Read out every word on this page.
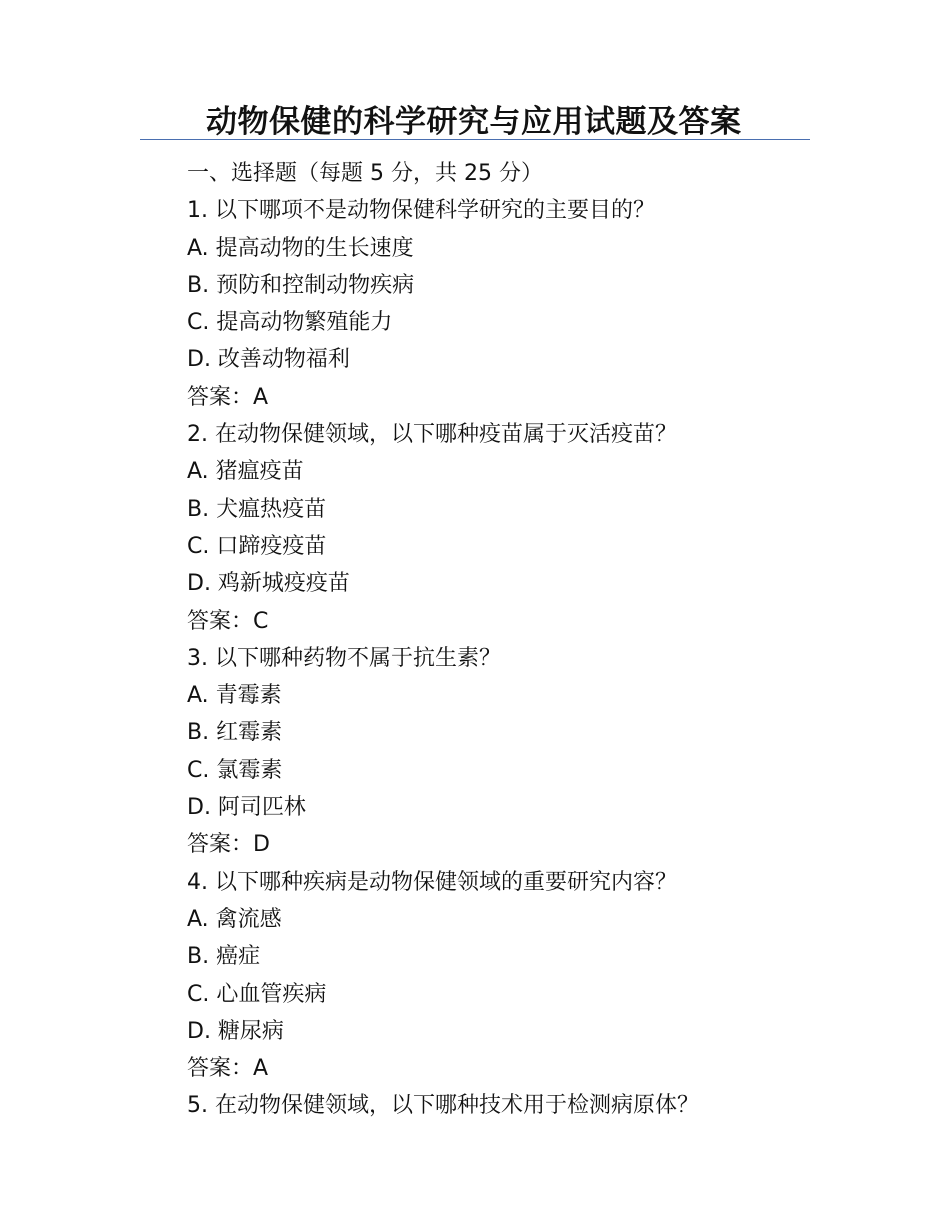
动物保健的科学研究与应用试题及答案
一、选择题（每题 5 分，共 25 分）
1. 以下哪项不是动物保健科学研究的主要目的？
A. 提高动物的生长速度
B. 预防和控制动物疾病
C. 提高动物繁殖能力
D. 改善动物福利
答案：A
2. 在动物保健领域，以下哪种疫苗属于灭活疫苗？
A. 猪瘟疫苗
B. 犬瘟热疫苗
C. 口蹄疫疫苗
D. 鸡新城疫疫苗
答案：C
3. 以下哪种药物不属于抗生素？
A. 青霉素
B. 红霉素
C. 氯霉素
D. 阿司匹林
答案：D
4. 以下哪种疾病是动物保健领域的重要研究内容？
A. 禽流感
B. 癌症
C. 心血管疾病
D. 糖尿病
答案：A
5. 在动物保健领域，以下哪种技术用于检测病原体？
